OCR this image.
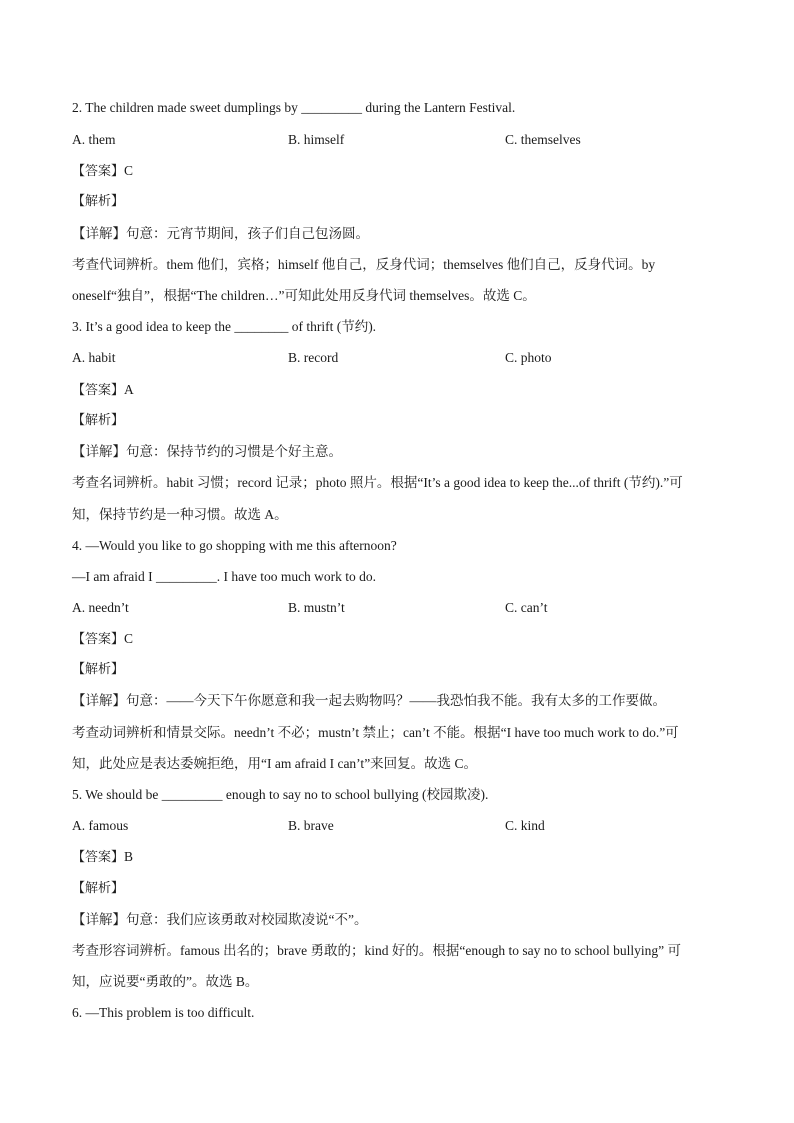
2. The children made sweet dumplings by _________ during the Lantern Festival.
A. them	B. himself	C. themselves
【答案】C
【解析】
【详解】句意：元宵节期间，孩子们自己包汤圆。
考查代词辨析。them 他们，宾格；himself 他自己，反身代词；themselves 他们自己，反身代词。by
oneself“独自”，根据“The children…”可知此处用反身代词 themselves。故选 C。
3. It’s a good idea to keep the ________ of thrift (节约).
A. habit	B. record	C. photo
【答案】A
【解析】
【详解】句意：保持节约的习惯是个好主意。
考查名词辨析。habit 习惯；record 记录；photo 照片。根据“It’s a good idea to keep the...of thrift (节约).”可
知，保持节约是一种习惯。故选 A。
4. —Would you like to go shopping with me this afternoon?
—I am afraid I _________. I have too much work to do.
A. needn’t	B. mustn’t	C. can’t
【答案】C
【解析】
【详解】句意：——今天下午你愿意和我一起去购物吗？——我恐怕我不能。我有太多的工作要做。
考查动词辨析和情景交际。needn’t 不必；mustn’t 禁止；can’t 不能。根据“I have too much work to do.”可
知，此处应是表达委婉拒绝，用“I am afraid I can’t”来回复。故选 C。
5. We should be _________ enough to say no to school bullying (校园欺凌).
A. famous	B. brave	C. kind
【答案】B
【解析】
【详解】句意：我们应该勇敢对校园欺凌说“不”。
考查形容词辨析。famous 出名的；brave 勇敢的；kind 好的。根据“enough to say no to school bullying” 可
知，应说要“勇敢的”。故选 B。
6. —This problem is too difficult.
